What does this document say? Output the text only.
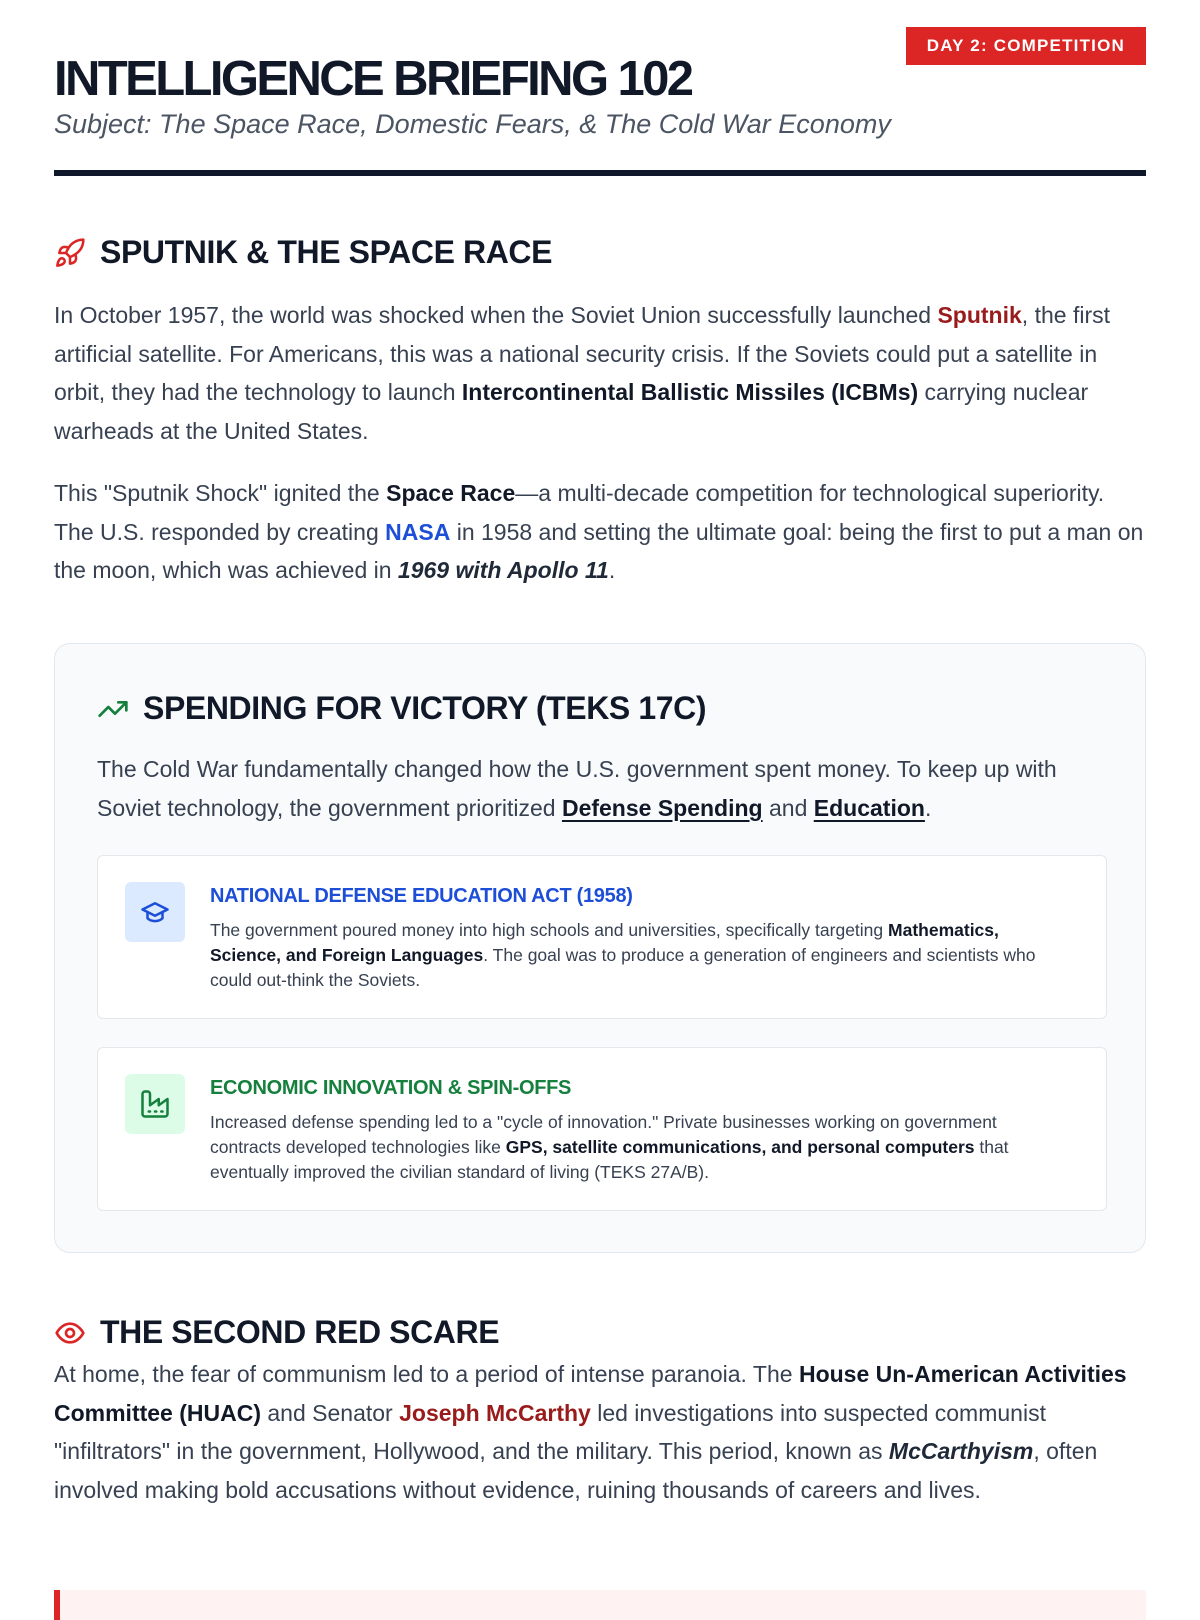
DAY 2: COMPETITION
INTELLIGENCE BRIEFING 102

Subject: The Space Race, Domestic Fears, & The Cold War Economy

SPUTNIK & THE SPACE RACE

In October 1957, the world was shocked when the Soviet Union successfully launched Sputnik, the first artificial satellite. For Americans, this was a national security crisis. If the Soviets could put a satellite in orbit, they had the technology to launch Intercontinental Ballistic Missiles (ICBMs) carrying nuclear warheads at the United States.

This "Sputnik Shock" ignited the Space Race—a multi-decade competition for technological superiority. The U.S. responded by creating NASA in 1958 and setting the ultimate goal: being the first to put a man on the moon, which was achieved in 1969 with Apollo 11.

SPENDING FOR VICTORY (TEKS 17C)

The Cold War fundamentally changed how the U.S. government spent money. To keep up with Soviet technology, the government prioritized Defense Spending and Education.

NATIONAL DEFENSE EDUCATION ACT (1958)

The government poured money into high schools and universities, specifically targeting Mathematics, Science, and Foreign Languages. The goal was to produce a generation of engineers and scientists who could out-think the Soviets.

ECONOMIC INNOVATION & SPIN-OFFS

Increased defense spending led to a "cycle of innovation." Private businesses working on government contracts developed technologies like GPS, satellite communications, and personal computers that eventually improved the civilian standard of living (TEKS 27A/B).

THE SECOND RED SCARE

At home, the fear of communism led to a period of intense paranoia. The House Un-American Activities Committee (HUAC) and Senator Joseph McCarthy led investigations into suspected communist "infiltrators" in the government, Hollywood, and the military. This period, known as McCarthyism, often involved making bold accusations without evidence, ruining thousands of careers and lives.
